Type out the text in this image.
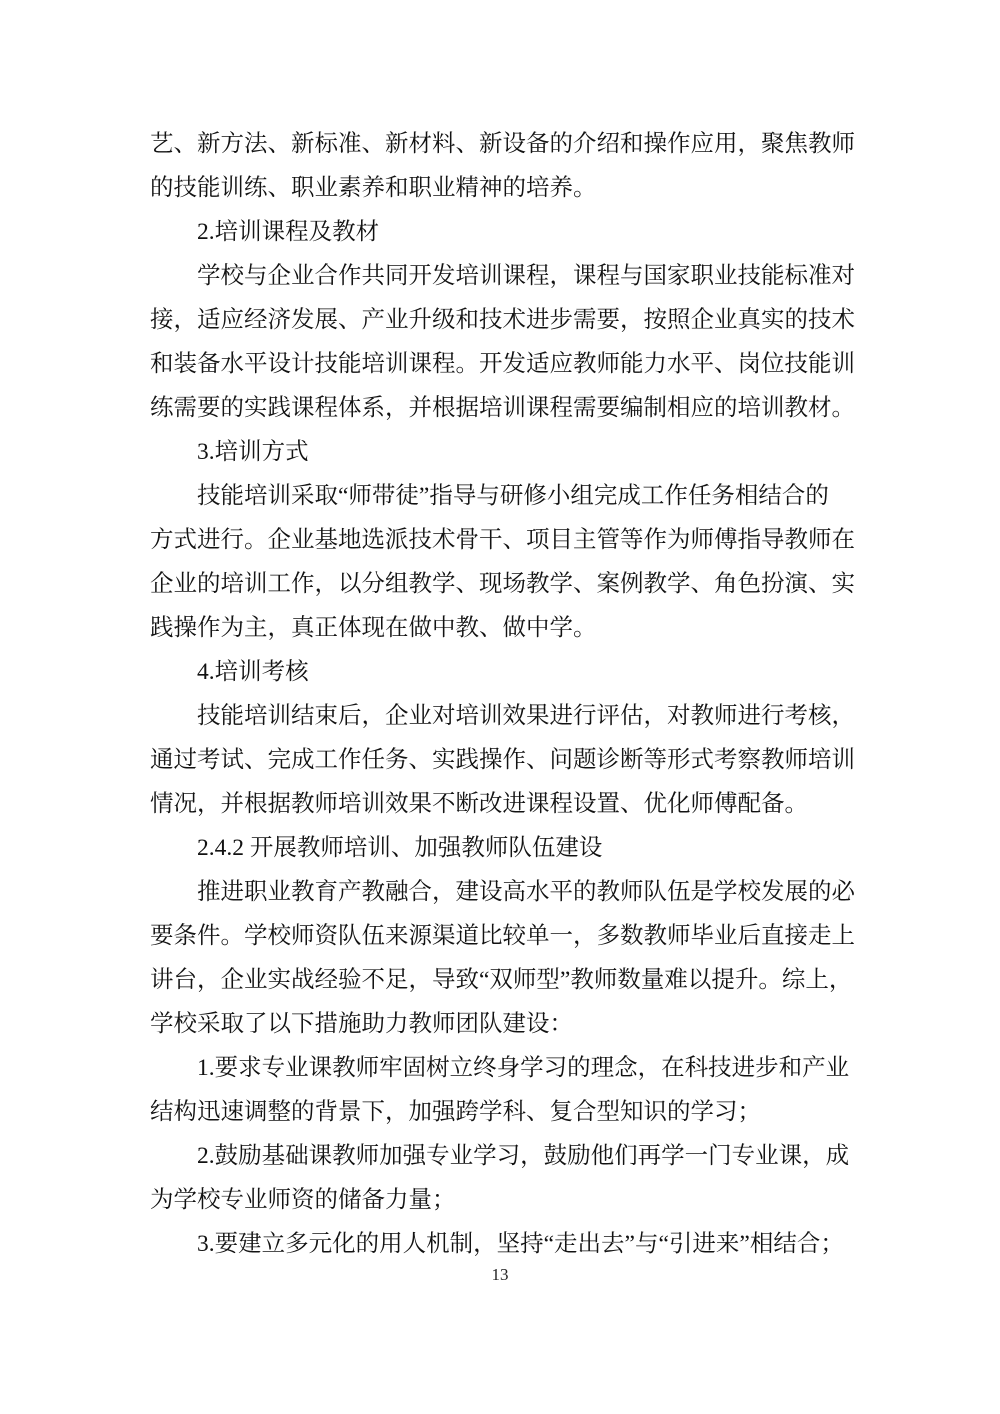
艺、新方法、新标准、新材料、新设备的介绍和操作应用，聚焦教师
的技能训练、职业素养和职业精神的培养。
2.培训课程及教材
学校与企业合作共同开发培训课程，课程与国家职业技能标准对
接，适应经济发展、产业升级和技术进步需要，按照企业真实的技术
和装备水平设计技能培训课程。开发适应教师能力水平、岗位技能训
练需要的实践课程体系，并根据培训课程需要编制相应的培训教材。
3.培训方式
技能培训采取“师带徒”指导与研修小组完成工作任务相结合的
方式进行。企业基地选派技术骨干、项目主管等作为师傅指导教师在
企业的培训工作，以分组教学、现场教学、案例教学、角色扮演、实
践操作为主，真正体现在做中教、做中学。
4.培训考核
技能培训结束后，企业对培训效果进行评估，对教师进行考核，
通过考试、完成工作任务、实践操作、问题诊断等形式考察教师培训
情况，并根据教师培训效果不断改进课程设置、优化师傅配备。
2.4.2 开展教师培训、加强教师队伍建设
推进职业教育产教融合，建设高水平的教师队伍是学校发展的必
要条件。学校师资队伍来源渠道比较单一，多数教师毕业后直接走上
讲台，企业实战经验不足，导致“双师型”教师数量难以提升。综上，
学校采取了以下措施助力教师团队建设：
1.要求专业课教师牢固树立终身学习的理念，在科技进步和产业
结构迅速调整的背景下，加强跨学科、复合型知识的学习；
2.鼓励基础课教师加强专业学习，鼓励他们再学一门专业课，成
为学校专业师资的储备力量；
3.要建立多元化的用人机制，坚持“走出去”与“引进来”相结合；
13
